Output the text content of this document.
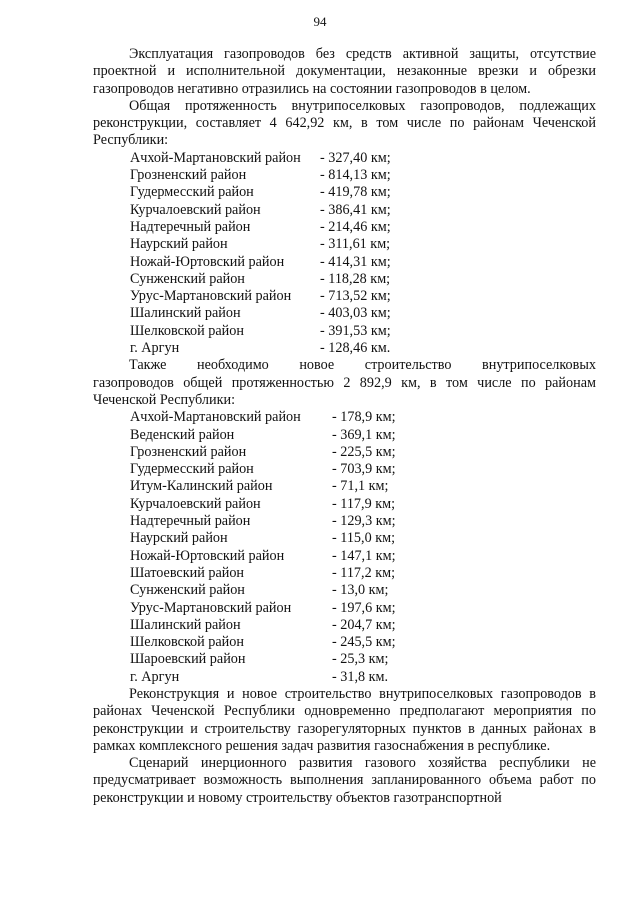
94

Эксплуатация газопроводов без средств активной защиты, отсутствие проектной и исполнительной документации, незаконные врезки и обрезки газопроводов негативно отразились на состоянии газопроводов в целом.

Общая протяженность внутрипоселковых газопроводов, подлежащих реконструкции, составляет 4 642,92 км, в том числе по районам Чеченской Республики:

Ачхой-Мартановский район	- 327,40 км;
Грозненский район	- 814,13 км;
Гудермесский район	- 419,78 км;
Курчалоевский район	- 386,41 км;
Надтеречный район	- 214,46 км;
Наурский район	- 311,61 км;
Ножай-Юртовский район	- 414,31 км;
Сунженский район	- 118,28 км;
Урус-Мартановский район	- 713,52 км;
Шалинский район	- 403,03 км;
Шелковской район	- 391,53 км;
г. Аргун	- 128,46 км.
Также необходимо новое строительство внутрипоселковых

газопроводов общей протяженностью 2 892,9 км, в том числе по районам Чеченской Республики:

Ачхой-Мартановский район	- 178,9 км;
Веденский район	- 369,1 км;
Грозненский район	- 225,5 км;
Гудермесский район	- 703,9 км;
Итум-Калинский район	- 71,1 км;
Курчалоевский район	- 117,9 км;
Надтеречный район	- 129,3 км;
Наурский район	- 115,0 км;
Ножай-Юртовский район	- 147,1 км;
Шатоевский район	- 117,2 км;
Сунженский район	- 13,0 км;
Урус-Мартановский район	- 197,6 км;
Шалинский район	- 204,7 км;
Шелковской район	- 245,5 км;
Шароевский район	- 25,3 км;
г. Аргун	- 31,8 км.

Реконструкция и новое строительство внутрипоселковых газопроводов в районах Чеченской Республики одновременно предполагают мероприятия по реконструкции и строительству газорегуляторных пунктов в данных районах в рамках комплексного решения задач развития газоснабжения в республике.

Сценарий инерционного развития газового хозяйства республики не предусматривает возможность выполнения запланированного объема работ по реконструкции и новому строительству объектов газотранспортной
